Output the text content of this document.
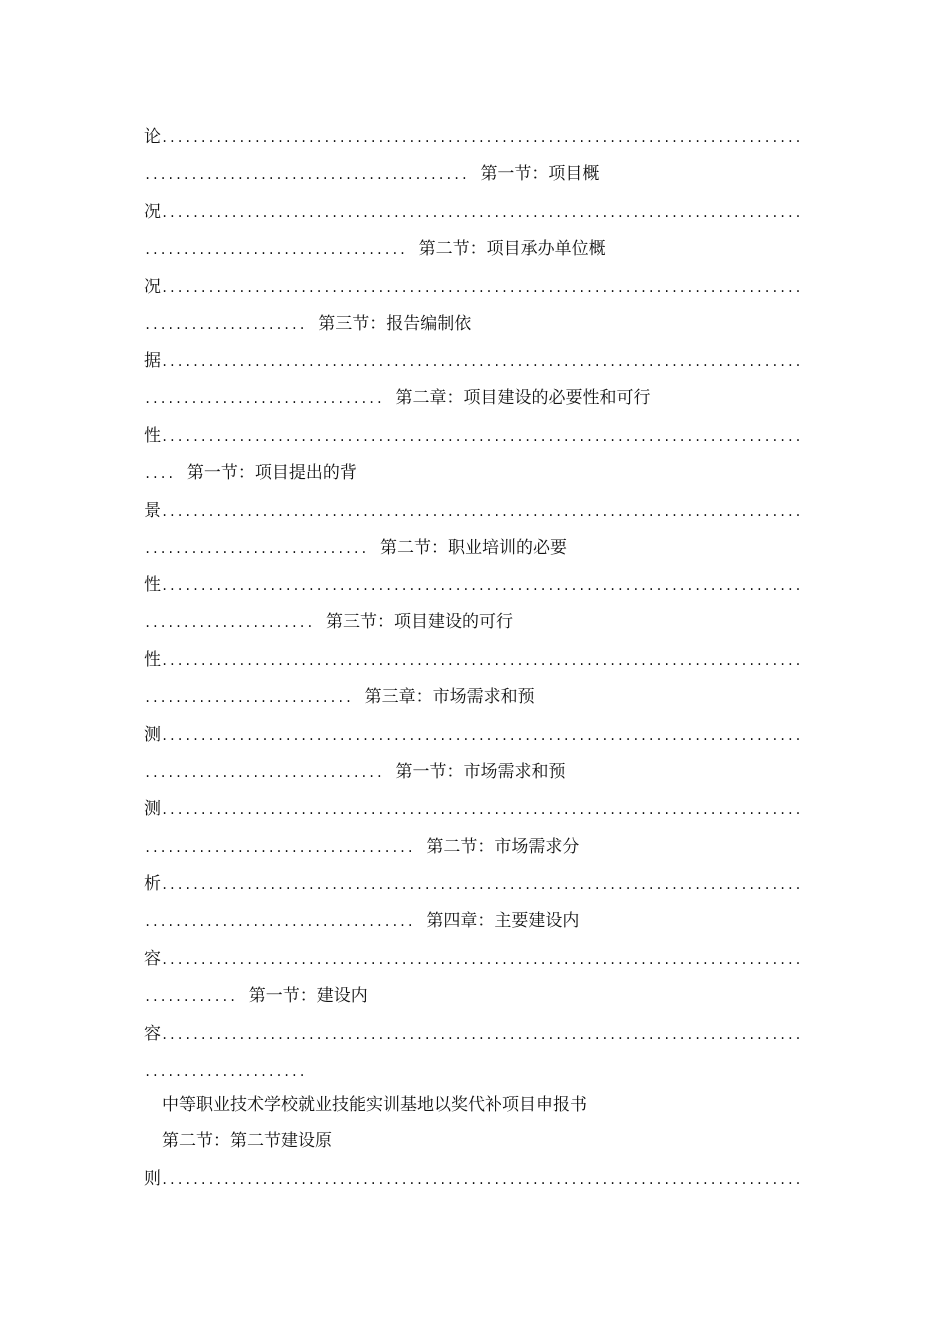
论...................................................................................
.......................................... 第一节：项目概
况...................................................................................
.................................. 第二节：项目承办单位概
况...................................................................................
..................... 第三节：报告编制依
据...................................................................................
............................... 第二章：项目建设的必要性和可行
性...................................................................................
.... 第一节：项目提出的背
景...................................................................................
............................. 第二节：职业培训的必要
性...................................................................................
...................... 第三节：项目建设的可行
性...................................................................................
........................... 第三章：市场需求和预
测...................................................................................
............................... 第一节：市场需求和预
测...................................................................................
................................... 第二节：市场需求分
析...................................................................................
................................... 第四章：主要建设内
容...................................................................................
............ 第一节：建设内
容...................................................................................
.....................
中等职业技术学校就业技能实训基地以奖代补项目申报书
第二节：第二节建设原
则...................................................................................
